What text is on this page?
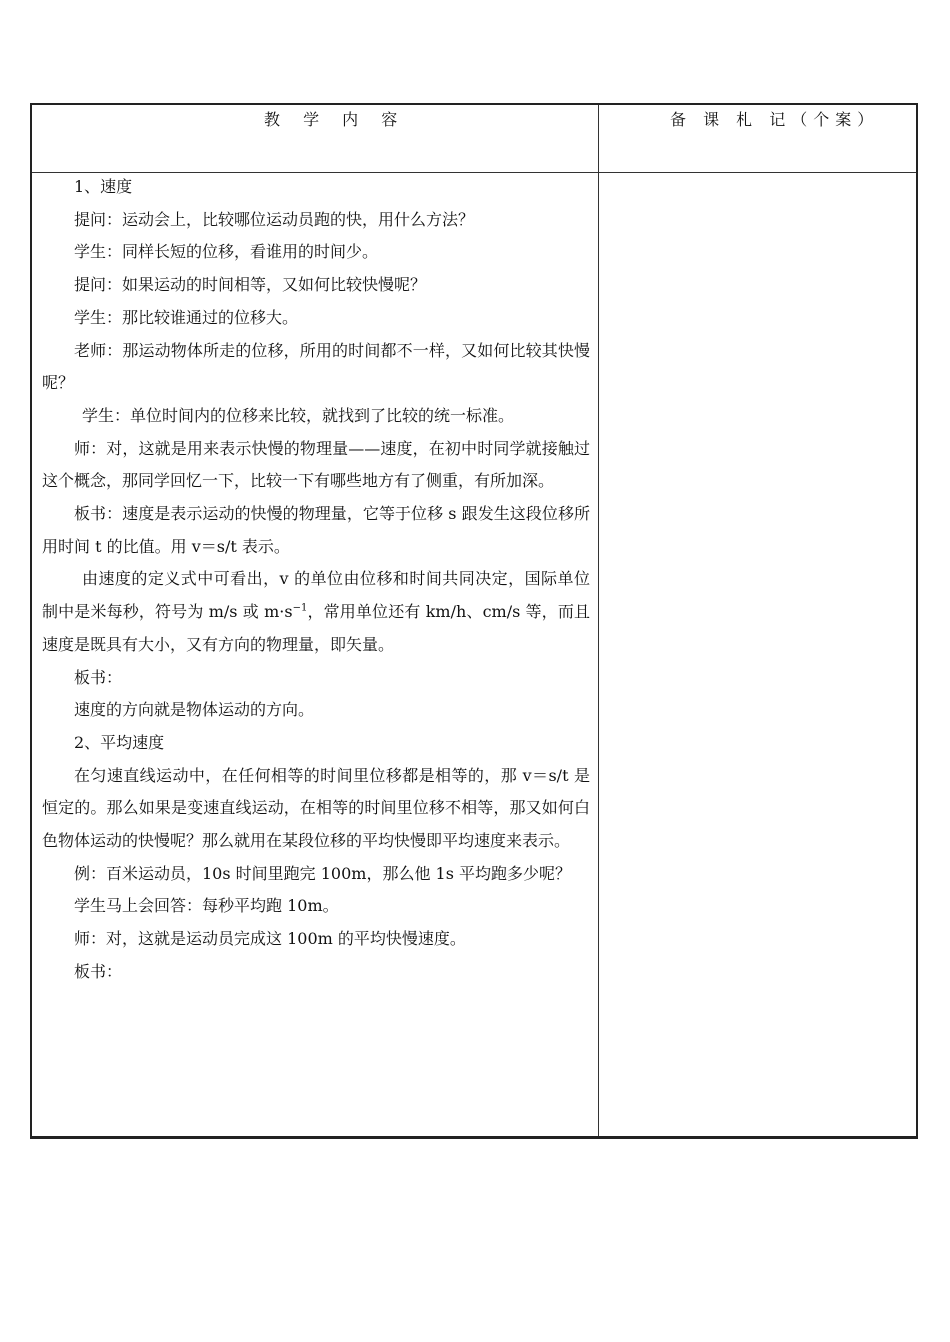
教 学 内 容	备 课 札 记（个案）

1、速度

提问：运动会上，比较哪位运动员跑的快，用什么方法？

学生：同样长短的位移，看谁用的时间少。

提问：如果运动的时间相等，又如何比较快慢呢？

学生：那比较谁通过的位移大。

老师：那运动物体所走的位移，所用的时间都不一样，又如何比较其快慢呢？

学生：单位时间内的位移来比较，就找到了比较的统一标准。

师：对，这就是用来表示快慢的物理量——速度，在初中时同学就接触过这个概念，那同学回忆一下，比较一下有哪些地方有了侧重，有所加深。

板书：速度是表示运动的快慢的物理量，它等于位移 s 跟发生这段位移所用时间 t 的比值。用 v＝s/t 表示。

由速度的定义式中可看出，v 的单位由位移和时间共同决定，国际单位制中是米每秒，符号为 m/s 或 $m\cdot s^{-1}$，常用单位还有 km/h、cm/s 等，而且速度是既具有大小，又有方向的物理量，即矢量。

板书：

速度的方向就是物体运动的方向。

2、平均速度

在匀速直线运动中，在任何相等的时间里位移都是相等的，那 v＝s/t 是恒定的。那么如果是变速直线运动，在相等的时间里位移不相等，那又如何白色物体运动的快慢呢？那么就用在某段位移的平均快慢即平均速度来表示。

例：百米运动员，10s 时间里跑完 100m，那么他 1s 平均跑多少呢？

学生马上会回答：每秒平均跑 10m。

师：对，这就是运动员完成这 100m 的平均快慢速度。

板书：
